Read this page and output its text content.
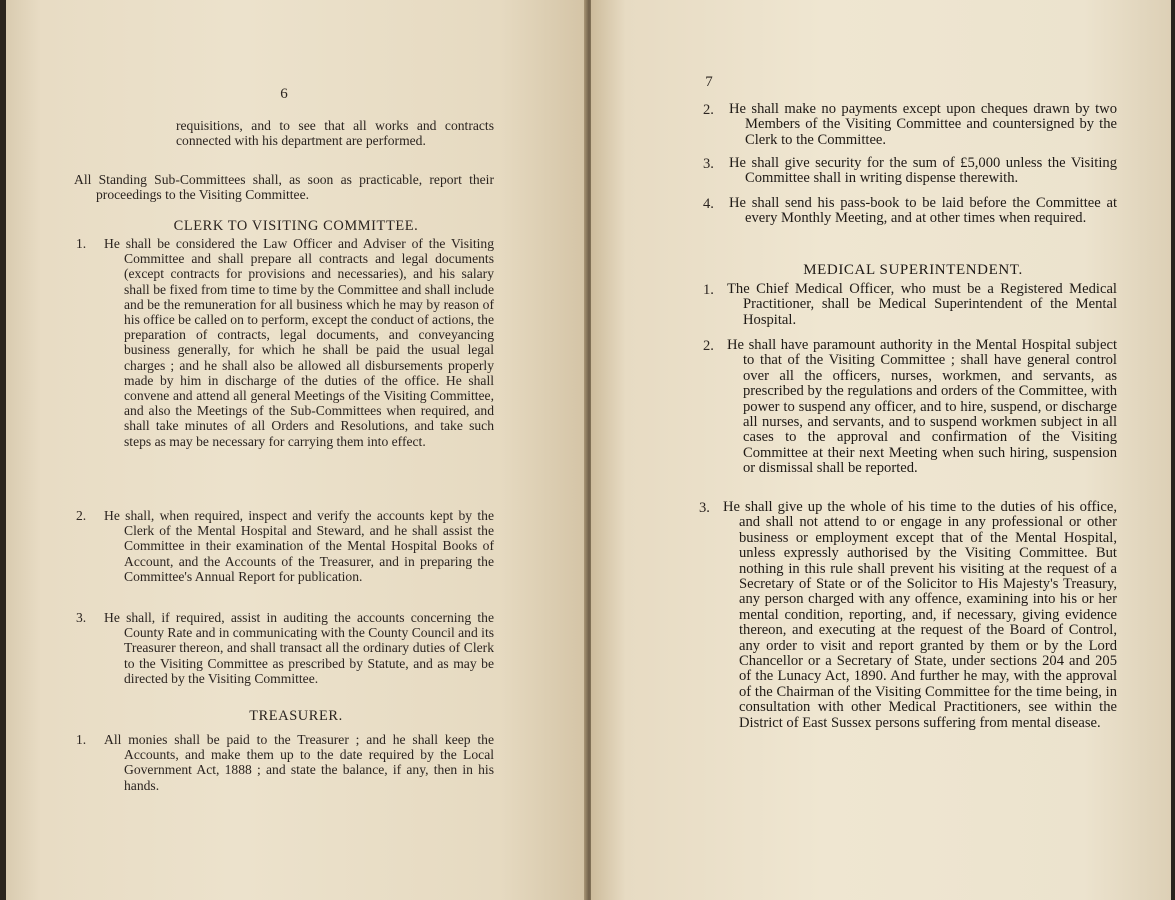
6
requisitions, and to see that all works and contracts connected with his department are performed.
All Standing Sub-Committees shall, as soon as practicable, report their proceedings to the Visiting Committee.
CLERK TO VISITING COMMITTEE.
1. He shall be considered the Law Officer and Adviser of the Visiting Committee and shall prepare all contracts and legal documents (except contracts for provisions and necessaries), and his salary shall be fixed from time to time by the Committee and shall include and be the remuneration for all business which he may by reason of his office be called on to perform, except the conduct of actions, the preparation of contracts, legal documents, and conveyancing business generally, for which he shall be paid the usual legal charges ; and he shall also be allowed all disbursements properly made by him in discharge of the duties of the office. He shall convene and attend all general Meetings of the Visiting Committee, and also the Meetings of the Sub-Committees when required, and shall take minutes of all Orders and Resolutions, and take such steps as may be necessary for carrying them into effect.
2. He shall, when required, inspect and verify the accounts kept by the Clerk of the Mental Hospital and Steward, and he shall assist the Committee in their examination of the Mental Hospital Books of Account, and the Accounts of the Treasurer, and in preparing the Committee's Annual Report for publication.
3. He shall, if required, assist in auditing the accounts concerning the County Rate and in communicating with the County Council and its Treasurer thereon, and shall transact all the ordinary duties of Clerk to the Visiting Committee as prescribed by Statute, and as may be directed by the Visiting Committee.
TREASURER.
1. All monies shall be paid to the Treasurer ; and he shall keep the Accounts, and make them up to the date required by the Local Government Act, 1888 ; and state the balance, if any, then in his hands.
7
2. He shall make no payments except upon cheques drawn by two Members of the Visiting Committee and countersigned by the Clerk to the Committee.
3. He shall give security for the sum of £5,000 unless the Visiting Committee shall in writing dispense therewith.
4. He shall send his pass-book to be laid before the Committee at every Monthly Meeting, and at other times when required.
MEDICAL SUPERINTENDENT.
1. The Chief Medical Officer, who must be a Registered Medical Practitioner, shall be Medical Superintendent of the Mental Hospital.
2. He shall have paramount authority in the Mental Hospital subject to that of the Visiting Committee ; shall have general control over all the officers, nurses, workmen, and servants, as prescribed by the regulations and orders of the Committee, with power to suspend any officer, and to hire, suspend, or discharge all nurses, and servants, and to suspend workmen subject in all cases to the approval and confirmation of the Visiting Committee at their next Meeting when such hiring, suspension or dismissal shall be reported.
3. He shall give up the whole of his time to the duties of his office, and shall not attend to or engage in any professional or other business or employment except that of the Mental Hospital, unless expressly authorised by the Visiting Committee. But nothing in this rule shall prevent his visiting at the request of a Secretary of State or of the Solicitor to His Majesty's Treasury, any person charged with any offence, examining into his or her mental condition, reporting, and, if necessary, giving evidence thereon, and executing at the request of the Board of Control, any order to visit and report granted by them or by the Lord Chancellor or a Secretary of State, under sections 204 and 205 of the Lunacy Act, 1890. And further he may, with the approval of the Chairman of the Visiting Committee for the time being, in consultation with other Medical Practitioners, see within the District of East Sussex persons suffering from mental disease.
